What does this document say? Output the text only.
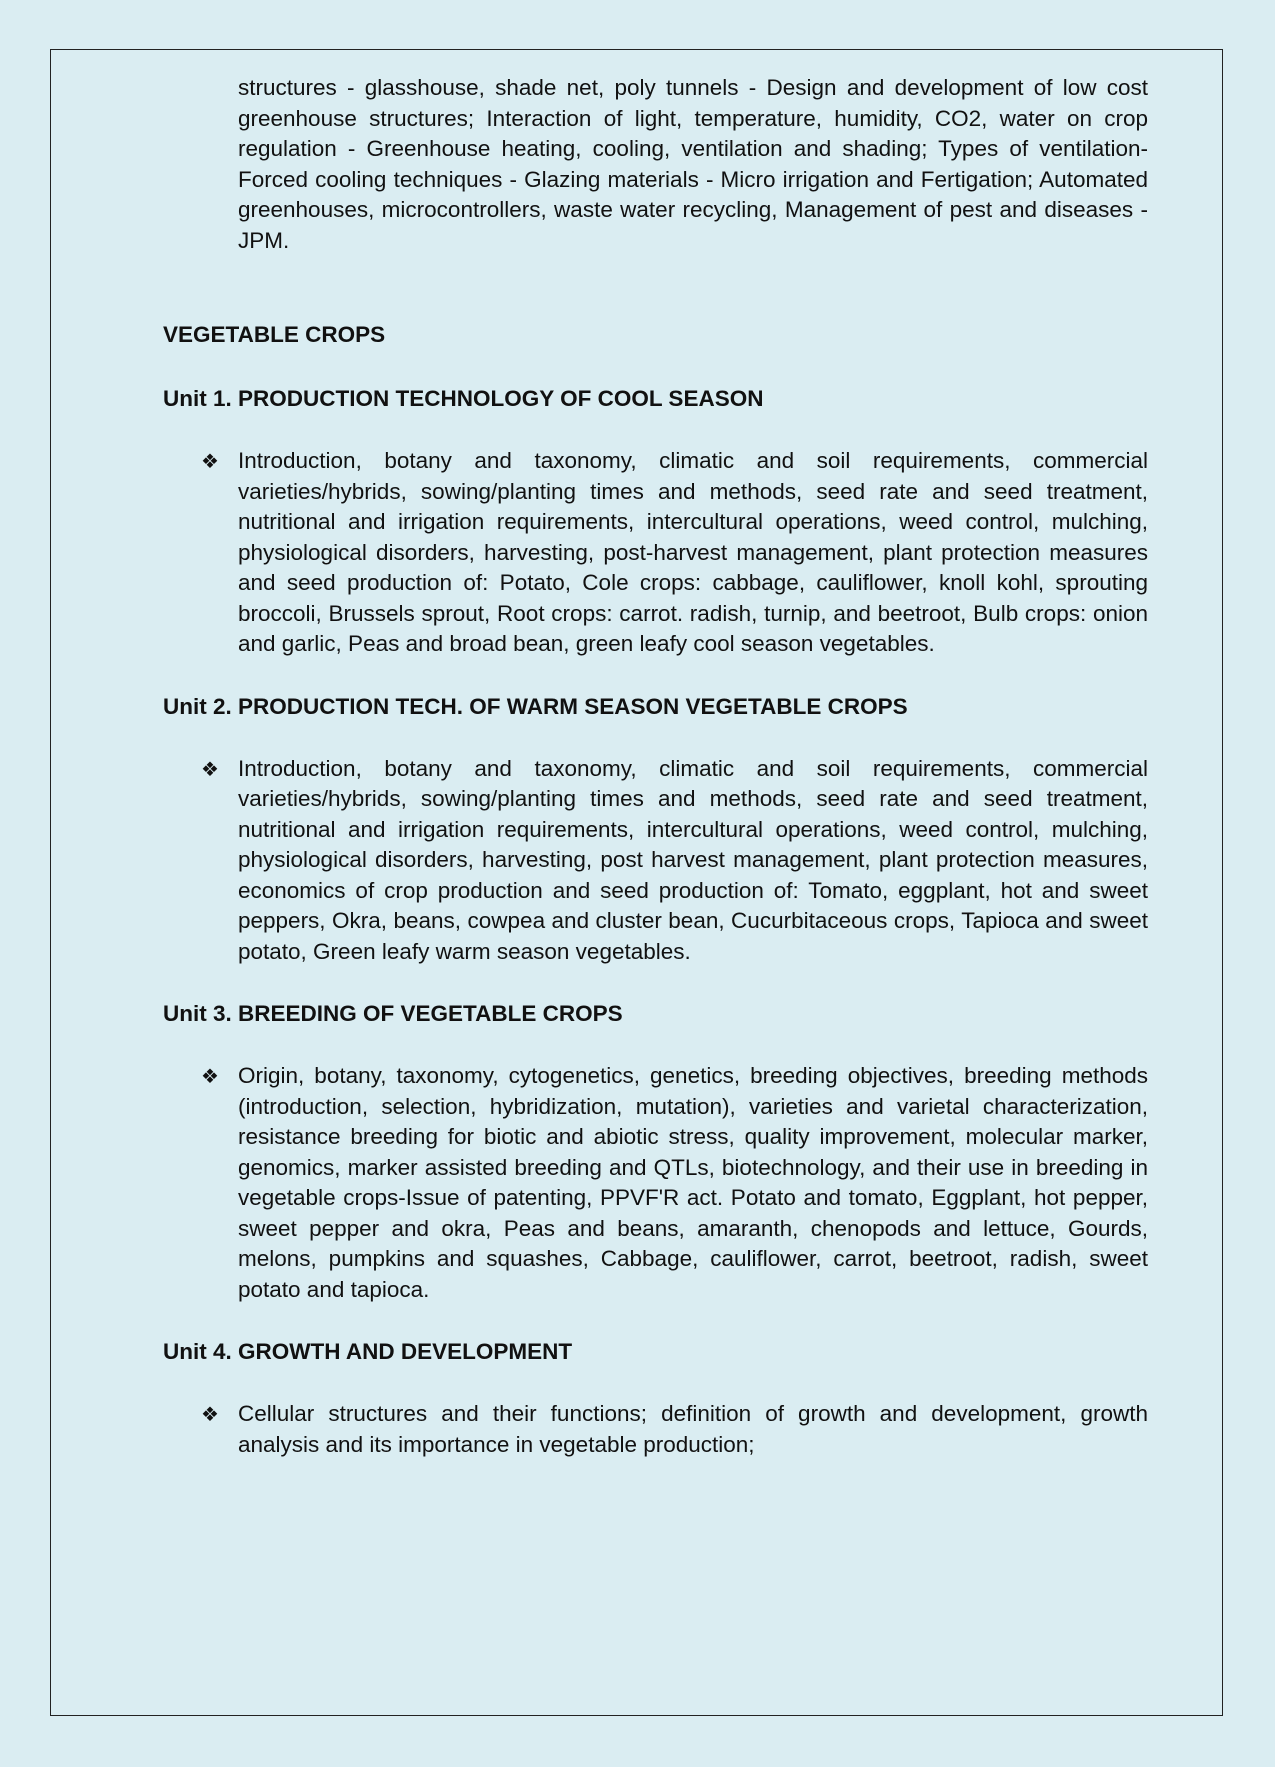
structures - glasshouse, shade net, poly tunnels - Design and development of low cost greenhouse structures; Interaction of light, temperature, humidity, CO2, water on crop regulation - Greenhouse heating, cooling, ventilation and shading; Types of ventilation- Forced cooling techniques - Glazing materials - Micro irrigation and Fertigation; Automated greenhouses, microcontrollers, waste water recycling, Management of pest and diseases - JPM.

VEGETABLE CROPS
Unit 1. PRODUCTION TECHNOLOGY OF COOL SEASON
❖ Introduction, botany and taxonomy, climatic and soil requirements, commercial varieties/hybrids, sowing/planting times and methods, seed rate and seed treatment, nutritional and irrigation requirements, intercultural operations, weed control, mulching, physiological disorders, harvesting, post-harvest management, plant protection measures and seed production of: Potato, Cole crops: cabbage, cauliflower, knoll kohl, sprouting broccoli, Brussels sprout, Root crops: carrot. radish, turnip, and beetroot, Bulb crops: onion and garlic, Peas and broad bean, green leafy cool season vegetables.

Unit 2. PRODUCTION TECH. OF WARM SEASON VEGETABLE CROPS
❖ Introduction, botany and taxonomy, climatic and soil requirements, commercial varieties/hybrids, sowing/planting times and methods, seed rate and seed treatment, nutritional and irrigation requirements, intercultural operations, weed control, mulching, physiological disorders, harvesting, post harvest management, plant protection measures, economics of crop production and seed production of: Tomato, eggplant, hot and sweet peppers, Okra, beans, cowpea and cluster bean, Cucurbitaceous crops, Tapioca and sweet potato, Green leafy warm season vegetables.

Unit 3. BREEDING OF VEGETABLE CROPS
❖ Origin, botany, taxonomy, cytogenetics, genetics, breeding objectives, breeding methods (introduction, selection, hybridization, mutation), varieties and varietal characterization, resistance breeding for biotic and abiotic stress, quality improvement, molecular marker, genomics, marker assisted breeding and QTLs, biotechnology, and their use in breeding in vegetable crops-Issue of patenting, PPVF'R act. Potato and tomato, Eggplant, hot pepper, sweet pepper and okra, Peas and beans, amaranth, chenopods and lettuce, Gourds, melons, pumpkins and squashes, Cabbage, cauliflower, carrot, beetroot, radish, sweet potato and tapioca.

Unit 4. GROWTH AND DEVELOPMENT
❖ Cellular structures and their functions; definition of growth and development, growth analysis and its importance in vegetable production;
